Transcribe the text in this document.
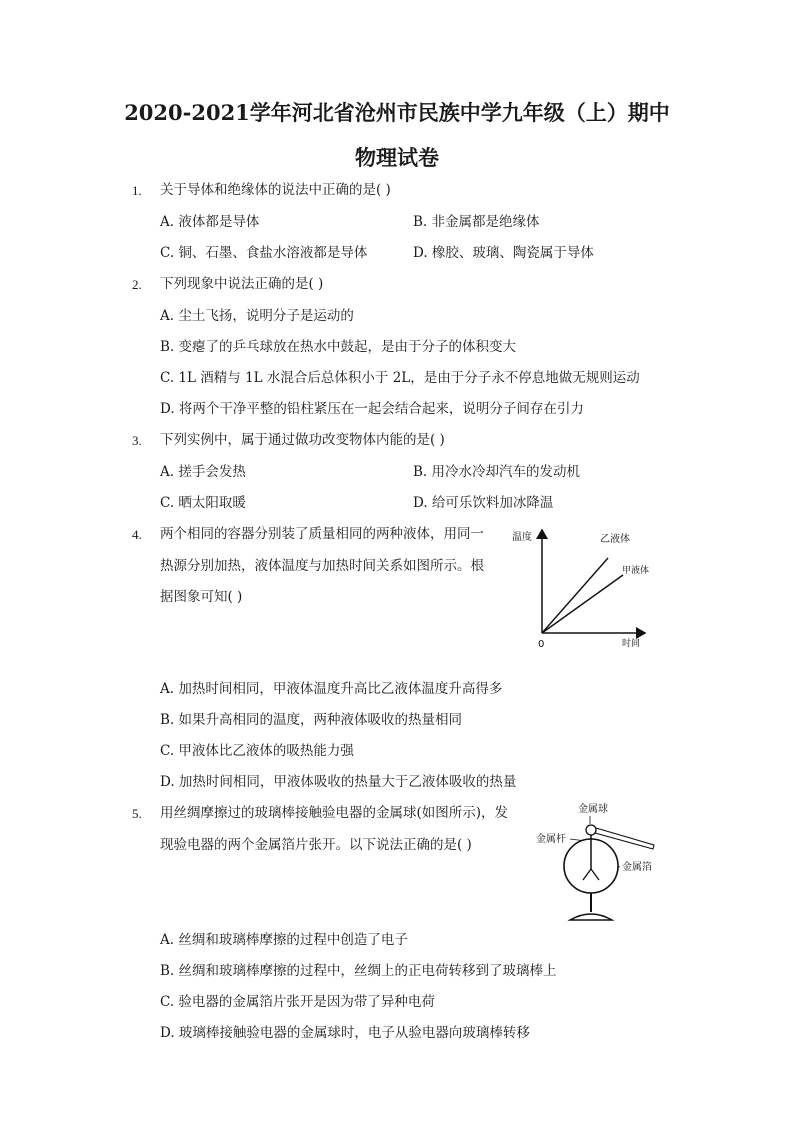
2020-2021学年河北省沧州市民族中学九年级（上）期中
物理试卷
1. 关于导体和绝缘体的说法中正确的是( )
A. 液体都是导体	B. 非金属都是绝缘体
C. 铜、石墨、食盐水溶液都是导体	D. 橡胶、玻璃、陶瓷属于导体
2. 下列现象中说法正确的是( )
A. 尘土飞扬，说明分子是运动的
B. 变瘪了的乒乓球放在热水中鼓起，是由于分子的体积变大
C. 1L 酒精与 1L 水混合后总体积小于 2L，是由于分子永不停息地做无规则运动
D. 将两个干净平整的铅柱紧压在一起会结合起来，说明分子间存在引力
3. 下列实例中，属于通过做功改变物体内能的是( )
A. 搓手会发热	B. 用冷水冷却汽车的发动机
C. 晒太阳取暖	D. 给可乐饮料加冰降温
4. 两个相同的容器分别装了质量相同的两种液体，用同一
热源分别加热，液体温度与加热时间关系如图所示。根
据图象可知( )
温度
时间
0
乙液体
甲液体
A. 加热时间相同，甲液体温度升高比乙液体温度升高得多
B. 如果升高相同的温度，两种液体吸收的热量相同
C. 甲液体比乙液体的吸热能力强
D. 加热时间相同，甲液体吸收的热量大于乙液体吸收的热量
5. 用丝绸摩擦过的玻璃棒接触验电器的金属球(如图所示)，发
现验电器的两个金属箔片张开。以下说法正确的是( )
金属球
金属杆
金属箔
A. 丝绸和玻璃棒摩擦的过程中创造了电子
B. 丝绸和玻璃棒摩擦的过程中，丝绸上的正电荷转移到了玻璃棒上
C. 验电器的金属箔片张开是因为带了异种电荷
D. 玻璃棒接触验电器的金属球时，电子从验电器向玻璃棒转移
